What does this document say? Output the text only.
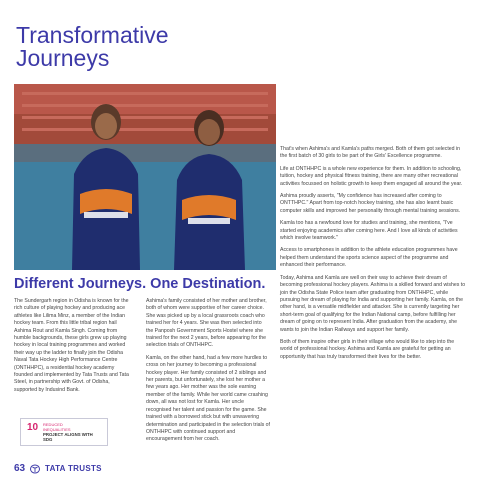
Transformative
Journeys
Different Journeys. One Destination.

The Sundergarh region in Odisha is known for the rich culture of playing hockey and producing ace athletes like Lilima Minz, a member of the Indian hockey team. From this little tribal region hail Ashima Rout and Kamla Singh. Coming from humble backgrounds, these girls grew up playing hockey in local training programmes and worked their way up the ladder to finally join the Odisha Naval Tata Hockey High Performance Centre (ONTHHPC), a residential hockey academy founded and implemented by Tata Trusts and Tata Steel, in partnership with Govt. of Odisha, supported by Indusind Bank.

Ashima's family consisted of her mother and brother, both of whom were supportive of her career choice. She was picked up by a local grassroots coach who trained her for 4 years. She was then selected into the Panposh Government Sports Hostel where she trained for the next 2 years, before appearing for the selection trials of ONTHHPC.

Kamla, on the other hand, had a few more hurdles to cross on her journey to becoming a professional hockey player. Her family consisted of 2 siblings and her parents, but unfortunately, she lost her mother a few years ago. Her mother was the sole earning member of the family. While her world came crashing down, all was not lost for Kamla. Her uncle recognised her talent and passion for the game. She trained with a borrowed stick but with unwavering determination and participated in the selection trials of ONTHHPC with continued support and encouragement from her coach.

That's when Ashima's and Kamla's paths merged. Both of them got selected in the first batch of 30 girls to be part of the Girls' Excellence programme.

Life at ONTHHPC is a whole new experience for them. In addition to schooling, tuition, hockey and physical fitness training, there are many other recreational activities focussed on holistic growth to keep them engaged all around the year.

Ashima proudly asserts, "My confidence has increased after coming to ONTTHPC." Apart from top-notch hockey training, she has also learnt basic computer skills and improved her personality through mental training sessions.

Kamla too has a newfound love for studies and training, she mentions, "I've started enjoying academics after coming here. And I love all kinds of activities which involve teamwork."

Access to smartphones in addition to the athlete education programmes have helped them understand the sports science aspect of the programme and enhanced their performance.

Today, Ashima and Kamla are well on their way to achieve their dream of becoming professional hockey players. Ashima is a skilled forward and wishes to join the Odisha State Police team after graduating from ONTHHPC, while pursuing her dream of playing for India and supporting her family. Kamla, on the other hand, is a versatile midfielder and attacker. She is currently targeting her short-term goal of qualifying for the Indian National camp, before fulfilling her dream of going on to represent India. After graduation from the academy, she wants to join the Indian Railways and support her family.

Both of them inspire other girls in their village who would like to step into the world of professional hockey. Ashima and Kamla are grateful for getting an opportunity that has truly transformed their lives for the better.

10 REDUCED INEQUALITIES
PROJECT ALIGNS WITH SDG
63 TATA TRUSTS
